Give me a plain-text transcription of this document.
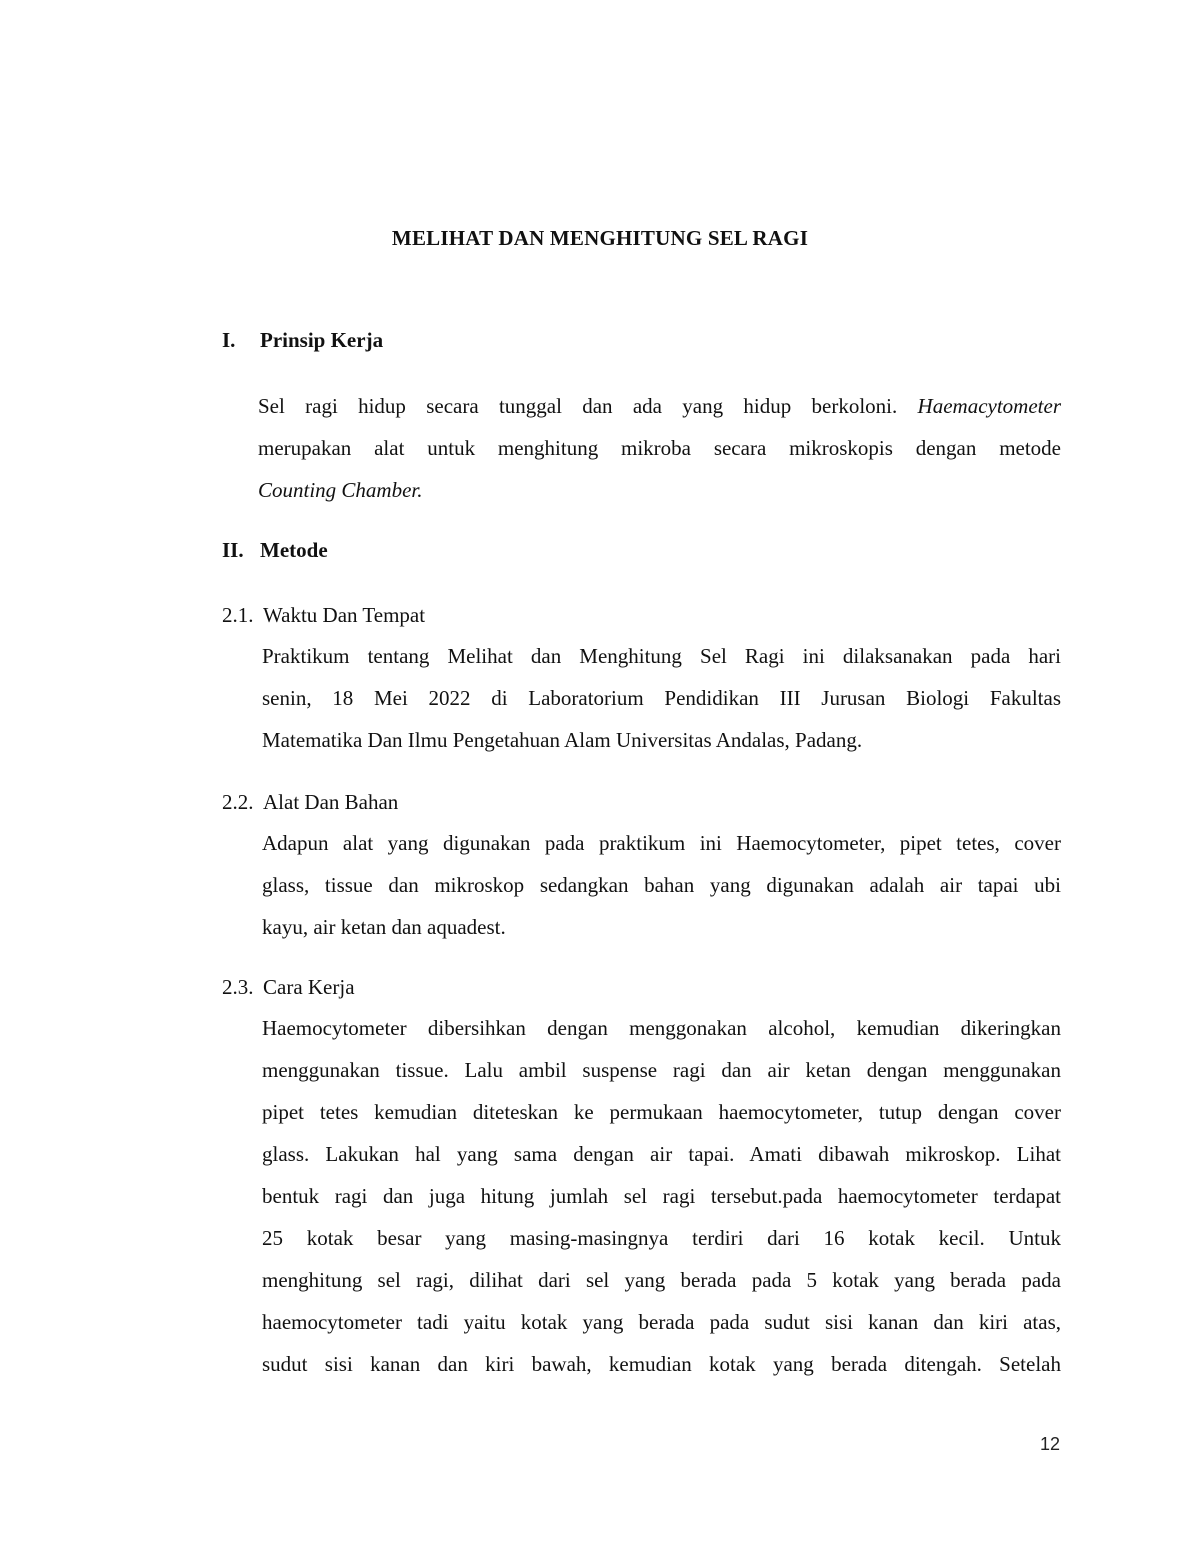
MELIHAT DAN MENGHITUNG SEL RAGI
I.	Prinsip Kerja
Sel ragi hidup secara tunggal dan ada yang hidup berkoloni. Haemacytometer
merupakan alat untuk menghitung mikroba secara mikroskopis dengan metode
Counting Chamber.
II. Metode
2.1. Waktu Dan Tempat
Praktikum tentang Melihat dan Menghitung Sel Ragi ini dilaksanakan pada hari
senin, 18 Mei 2022 di Laboratorium Pendidikan III Jurusan Biologi Fakultas
Matematika Dan Ilmu Pengetahuan Alam Universitas Andalas, Padang.
2.2. Alat Dan Bahan
Adapun alat yang digunakan pada praktikum ini Haemocytometer, pipet tetes, cover
glass, tissue dan mikroskop sedangkan bahan yang digunakan adalah air tapai ubi
kayu, air ketan dan aquadest.
2.3. Cara Kerja
Haemocytometer dibersihkan dengan menggonakan alcohol, kemudian dikeringkan
menggunakan tissue. Lalu ambil suspense ragi dan air ketan dengan menggunakan
pipet tetes kemudian diteteskan ke permukaan haemocytometer, tutup dengan cover
glass. Lakukan hal yang sama dengan air tapai. Amati dibawah mikroskop. Lihat
bentuk ragi dan juga hitung jumlah sel ragi tersebut.pada haemocytometer terdapat
25 kotak besar yang masing-masingnya terdiri dari 16 kotak kecil. Untuk
menghitung sel ragi, dilihat dari sel yang berada pada 5 kotak yang berada pada
haemocytometer tadi yaitu kotak yang berada pada sudut sisi kanan dan kiri atas,
sudut sisi kanan dan kiri bawah, kemudian kotak yang berada ditengah. Setelah
12
